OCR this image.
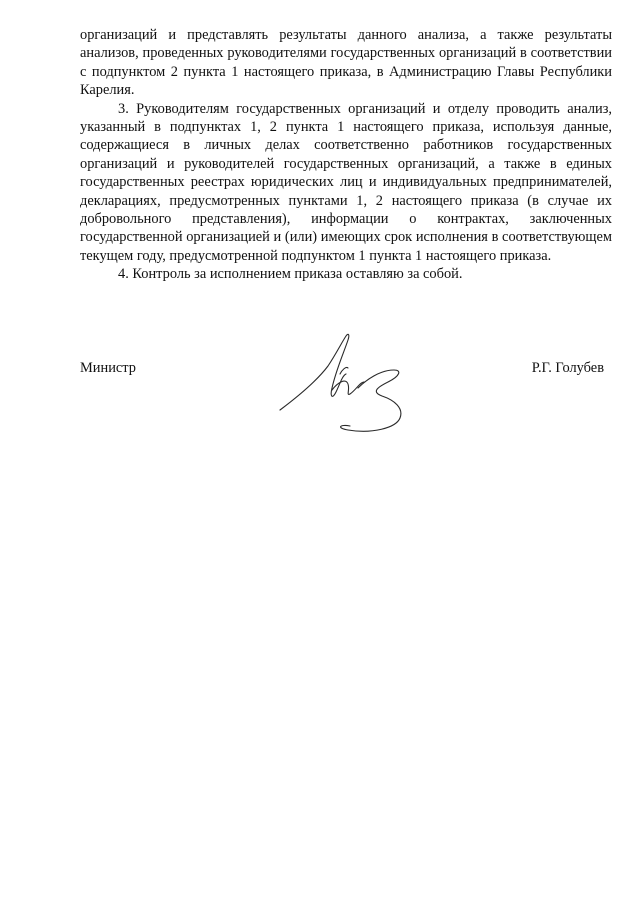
организаций и представлять результаты данного анализа, а также результаты анализов, проведенных руководителями государственных организаций в соответствии с подпунктом 2 пункта 1 настоящего приказа, в Администрацию Главы Республики Карелия.

3. Руководителям государственных организаций и отделу проводить анализ, указанный в подпунктах 1, 2 пункта 1 настоящего приказа, используя данные, содержащиеся в личных делах соответственно работников государственных организаций и руководителей государственных организаций, а также в единых государственных реестрах юридических лиц и индивидуальных предпринимателей, декларациях, предусмотренных пунктами 1, 2 настоящего приказа (в случае их добровольного представления), информации о контрактах, заключенных государственной организацией и (или) имеющих срок исполнения в соответствующем текущем году, предусмотренной подпунктом 1 пункта 1 настоящего приказа.

4. Контроль за исполнением приказа оставляю за собой.

Министр	Р.Г. Голубев
